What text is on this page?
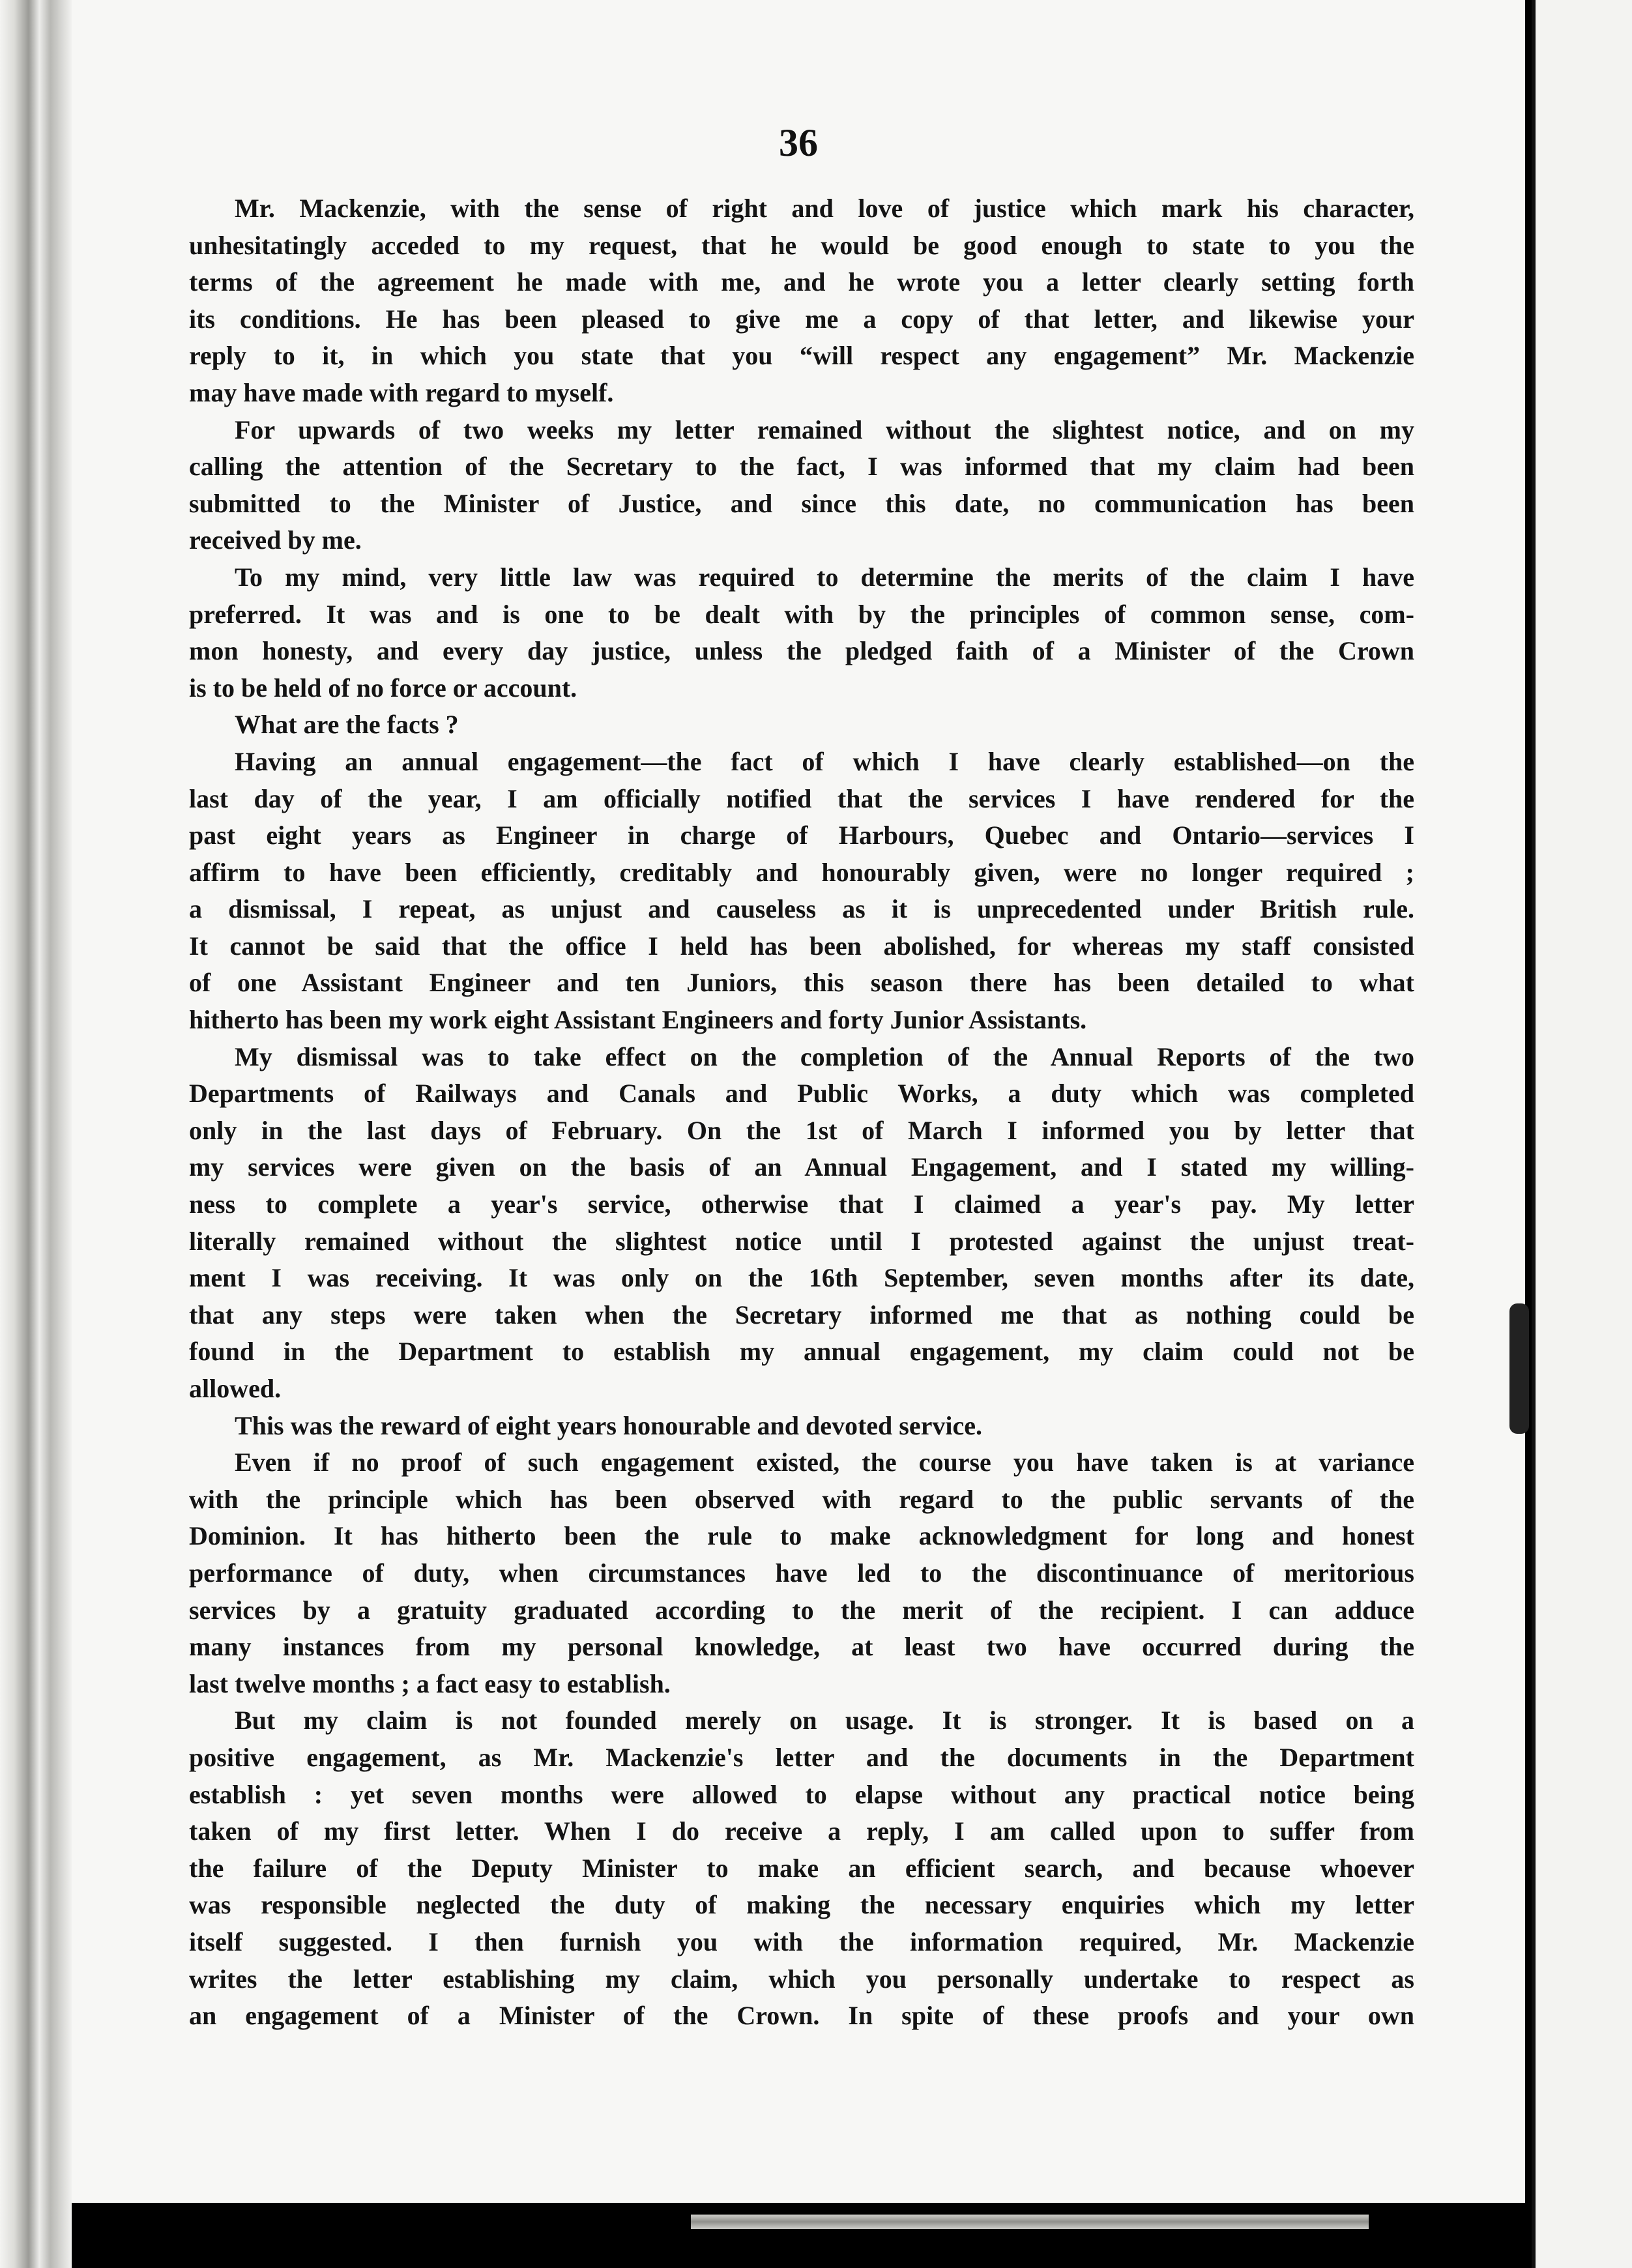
36
Mr. Mackenzie, with the sense of right and love of justice which mark his character,
unhesitatingly acceded to my request, that he would be good enough to state to you the
terms of the agreement he made with me, and he wrote you a letter clearly setting forth
its conditions. He has been pleased to give me a copy of that letter, and likewise your
reply to it, in which you state that you “will respect any engagement” Mr. Mackenzie
may have made with regard to myself.
For upwards of two weeks my letter remained without the slightest notice, and on my
calling the attention of the Secretary to the fact, I was informed that my claim had been
submitted to the Minister of Justice, and since this date, no communication has been
received by me.
To my mind, very little law was required to determine the merits of the claim I have
preferred. It was and is one to be dealt with by the principles of common sense, com-
mon honesty, and every day justice, unless the pledged faith of a Minister of the Crown
is to be held of no force or account.
What are the facts ?
Having an annual engagement—the fact of which I have clearly established—on the
last day of the year, I am officially notified that the services I have rendered for the
past eight years as Engineer in charge of Harbours, Quebec and Ontario—services I
affirm to have been efficiently, creditably and honourably given, were no longer required ;
a dismissal, I repeat, as unjust and causeless as it is unprecedented under British rule.
It cannot be said that the office I held has been abolished, for whereas my staff consisted
of one Assistant Engineer and ten Juniors, this season there has been detailed to what
hitherto has been my work eight Assistant Engineers and forty Junior Assistants.
My dismissal was to take effect on the completion of the Annual Reports of the two
Departments of Railways and Canals and Public Works, a duty which was completed
only in the last days of February. On the 1st of March I informed you by letter that
my services were given on the basis of an Annual Engagement, and I stated my willing-
ness to complete a year's service, otherwise that I claimed a year's pay. My letter
literally remained without the slightest notice until I protested against the unjust treat-
ment I was receiving. It was only on the 16th September, seven months after its date,
that any steps were taken when the Secretary informed me that as nothing could be
found in the Department to establish my annual engagement, my claim could not be
allowed.
This was the reward of eight years honourable and devoted service.
Even if no proof of such engagement existed, the course you have taken is at variance
with the principle which has been observed with regard to the public servants of the
Dominion. It has hitherto been the rule to make acknowledgment for long and honest
performance of duty, when circumstances have led to the discontinuance of meritorious
services by a gratuity graduated according to the merit of the recipient. I can adduce
many instances from my personal knowledge, at least two have occurred during the
last twelve months ; a fact easy to establish.
But my claim is not founded merely on usage. It is stronger. It is based on a
positive engagement, as Mr. Mackenzie's letter and the documents in the Department
establish : yet seven months were allowed to elapse without any practical notice being
taken of my first letter. When I do receive a reply, I am called upon to suffer from
the failure of the Deputy Minister to make an efficient search, and because whoever
was responsible neglected the duty of making the necessary enquiries which my letter
itself suggested. I then furnish you with the information required, Mr. Mackenzie
writes the letter establishing my claim, which you personally undertake to respect as
an engagement of a Minister of the Crown. In spite of these proofs and your own
